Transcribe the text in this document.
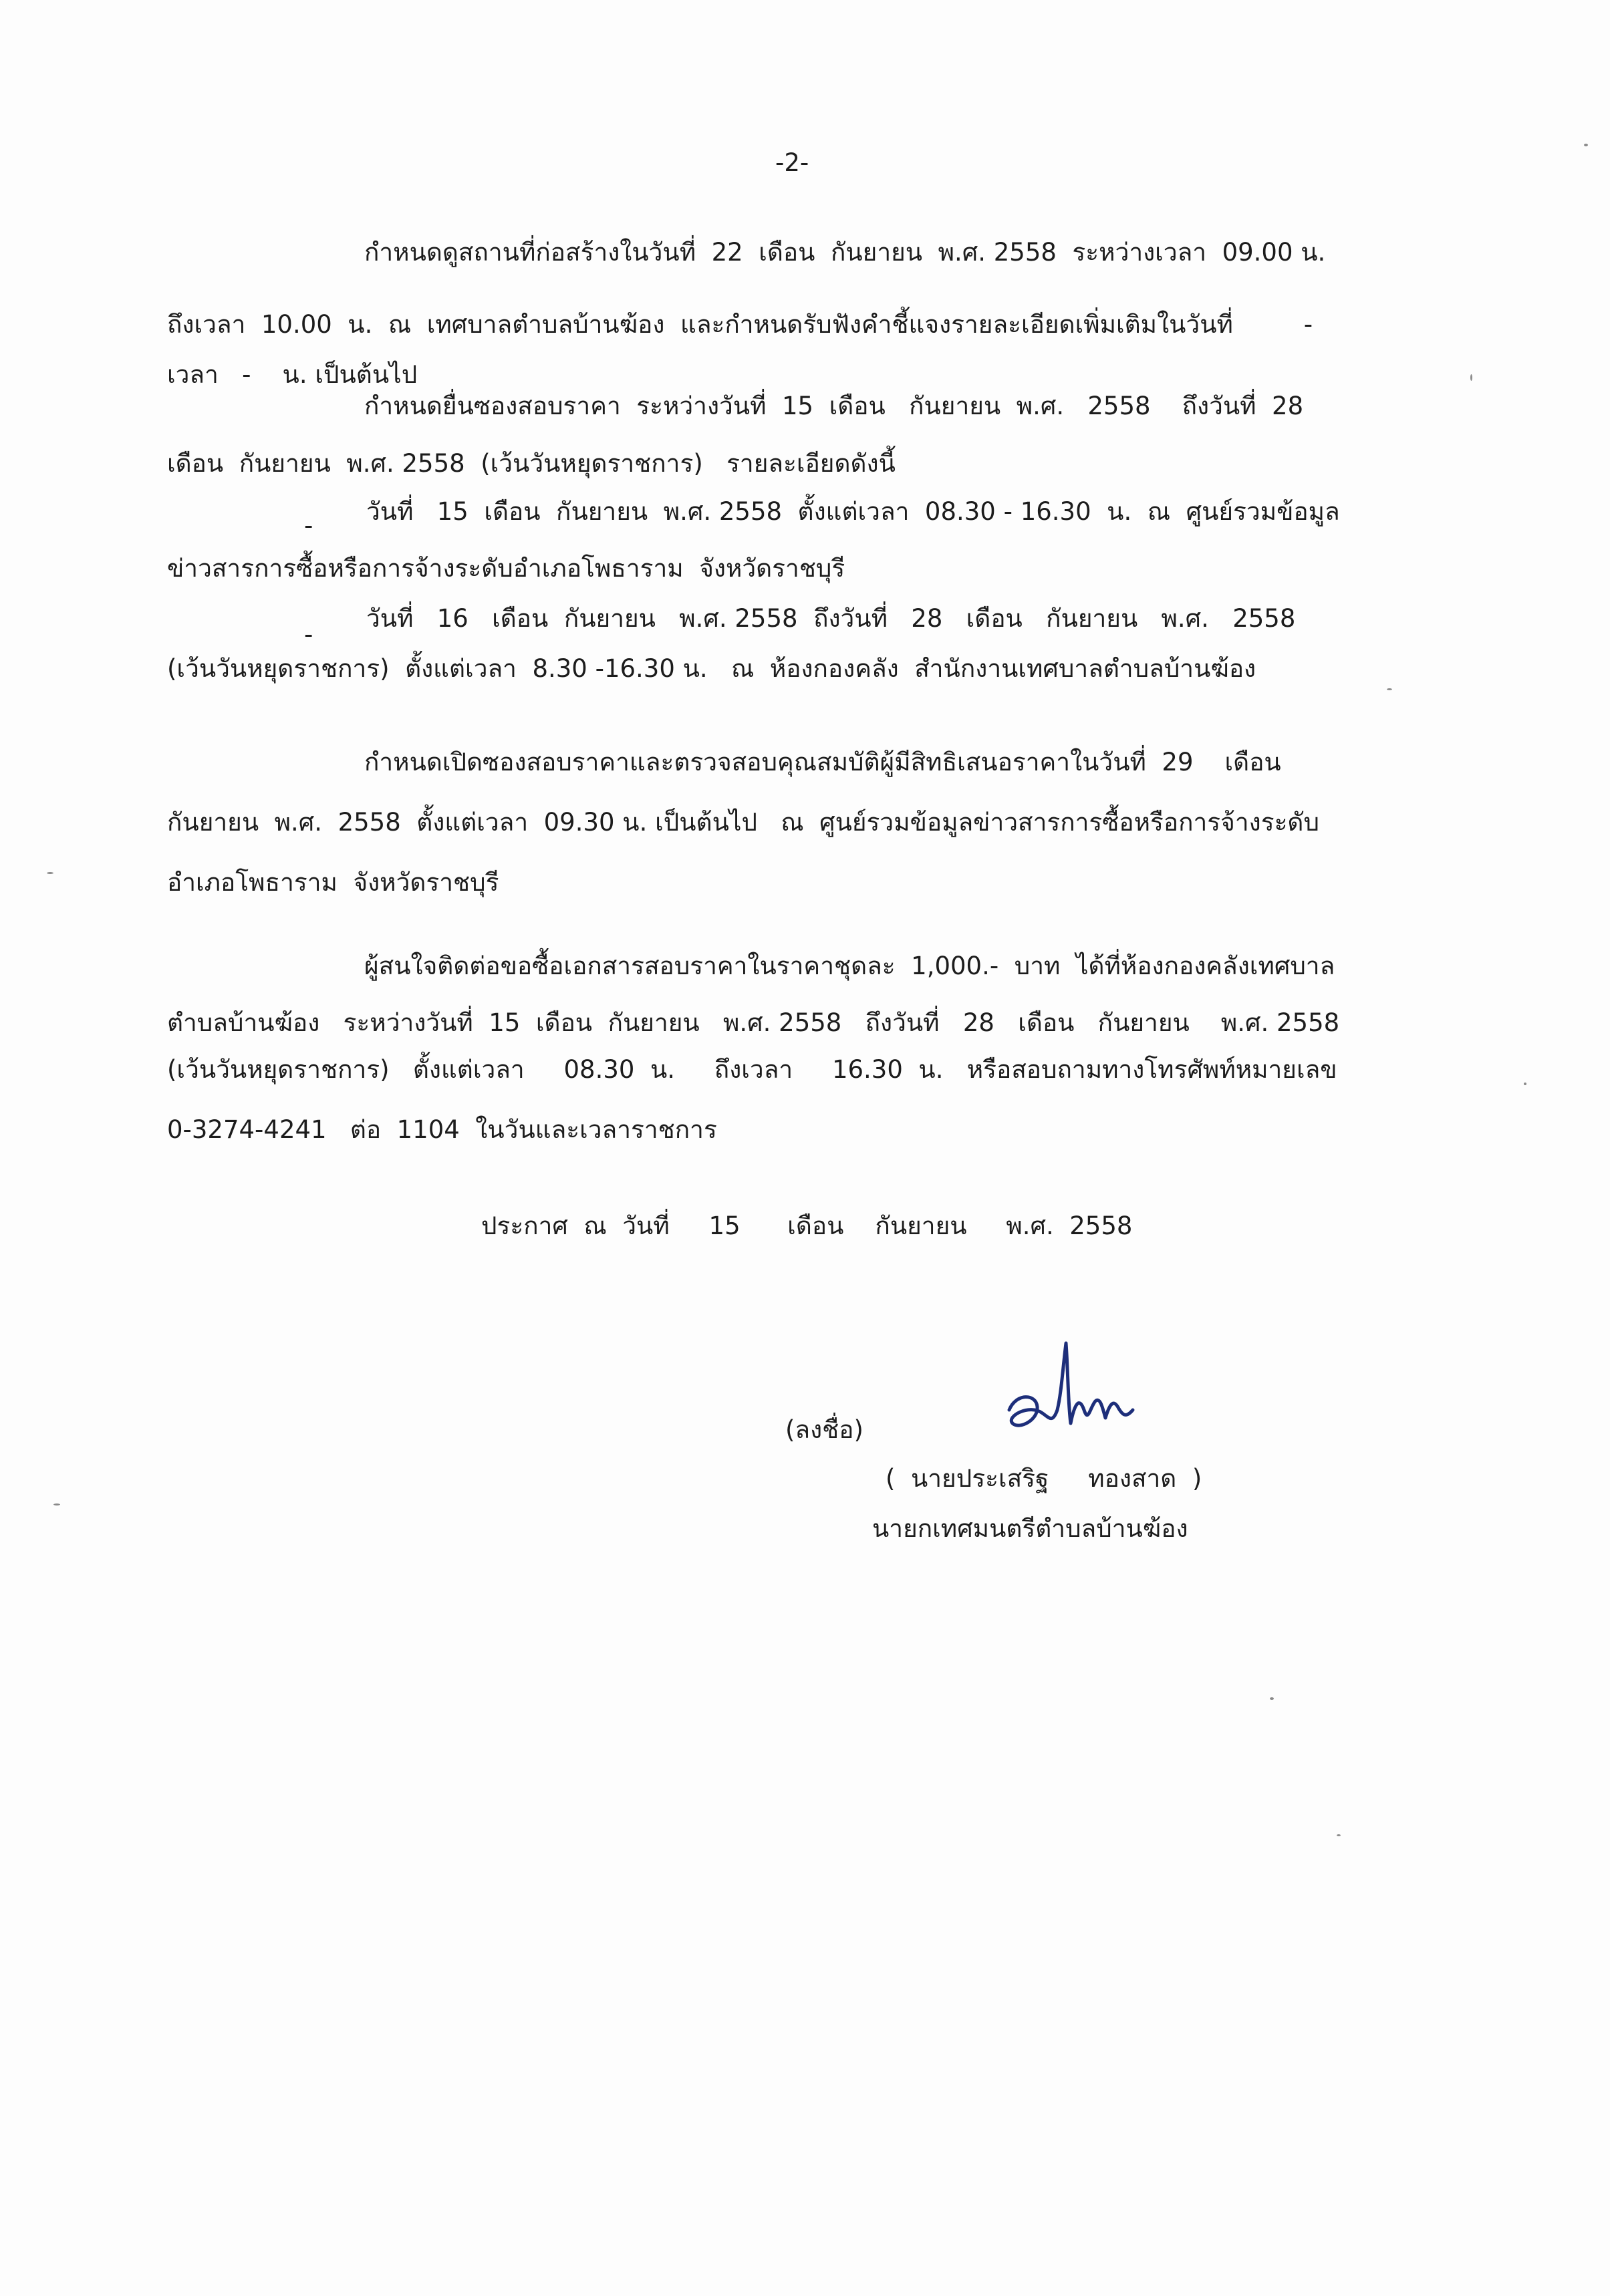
-2-
กำหนดดูสถานที่ก่อสร้างในวันที่  22  เดือน  กันยายน  พ.ศ. 2558  ระหว่างเวลา  09.00 น.
ถึงเวลา  10.00  น.  ณ  เทศบาลตำบลบ้านฆ้อง  และกำหนดรับฟังคำชี้แจงรายละเอียดเพิ่มเติมในวันที่         -
เวลา   -    น. เป็นต้นไป
กำหนดยื่นซองสอบราคา  ระหว่างวันที่  15  เดือน   กันยายน  พ.ศ.   2558    ถึงวันที่  28
เดือน  กันยายน  พ.ศ. 2558  (เว้นวันหยุดราชการ)   รายละเอียดดังนี้
- วันที่   15  เดือน  กันยายน  พ.ศ. 2558  ตั้งแต่เวลา  08.30 - 16.30  น.  ณ  ศูนย์รวมข้อมูล
ข่าวสารการซื้อหรือการจ้างระดับอำเภอโพธาราม  จังหวัดราชบุรี
-
วันที่   16   เดือน  กันยายน   พ.ศ. 2558  ถึงวันที่   28   เดือน   กันยายน   พ.ศ.   2558
(เว้นวันหยุดราชการ)  ตั้งแต่เวลา  8.30 -16.30 น.   ณ  ห้องกองคลัง  สำนักงานเทศบาลตำบลบ้านฆ้อง
กำหนดเปิดซองสอบราคาและตรวจสอบคุณสมบัติผู้มีสิทธิเสนอราคาในวันที่  29    เดือน
กันยายน  พ.ศ.  2558  ตั้งแต่เวลา  09.30 น. เป็นต้นไป   ณ  ศูนย์รวมข้อมูลข่าวสารการซื้อหรือการจ้างระดับ
อำเภอโพธาราม  จังหวัดราชบุรี
ผู้สนใจติดต่อขอซื้อเอกสารสอบราคาในราคาชุดละ  1,000.-  บาท  ได้ที่ห้องกองคลังเทศบาล
ตำบลบ้านฆ้อง   ระหว่างวันที่  15  เดือน  กันยายน   พ.ศ. 2558   ถึงวันที่   28   เดือน   กันยายน    พ.ศ. 2558
(เว้นวันหยุดราชการ)   ตั้งแต่เวลา     08.30  น.     ถึงเวลา     16.30  น.   หรือสอบถามทางโทรศัพท์หมายเลข
0-3274-4241   ต่อ  1104  ในวันและเวลาราชการ
ประกาศ  ณ  วันที่     15      เดือน    กันยายน     พ.ศ.  2558
(ลงชื่อ)
(  นายประเสริฐ     ทองสาด  )
นายกเทศมนตรีตำบลบ้านฆ้อง
